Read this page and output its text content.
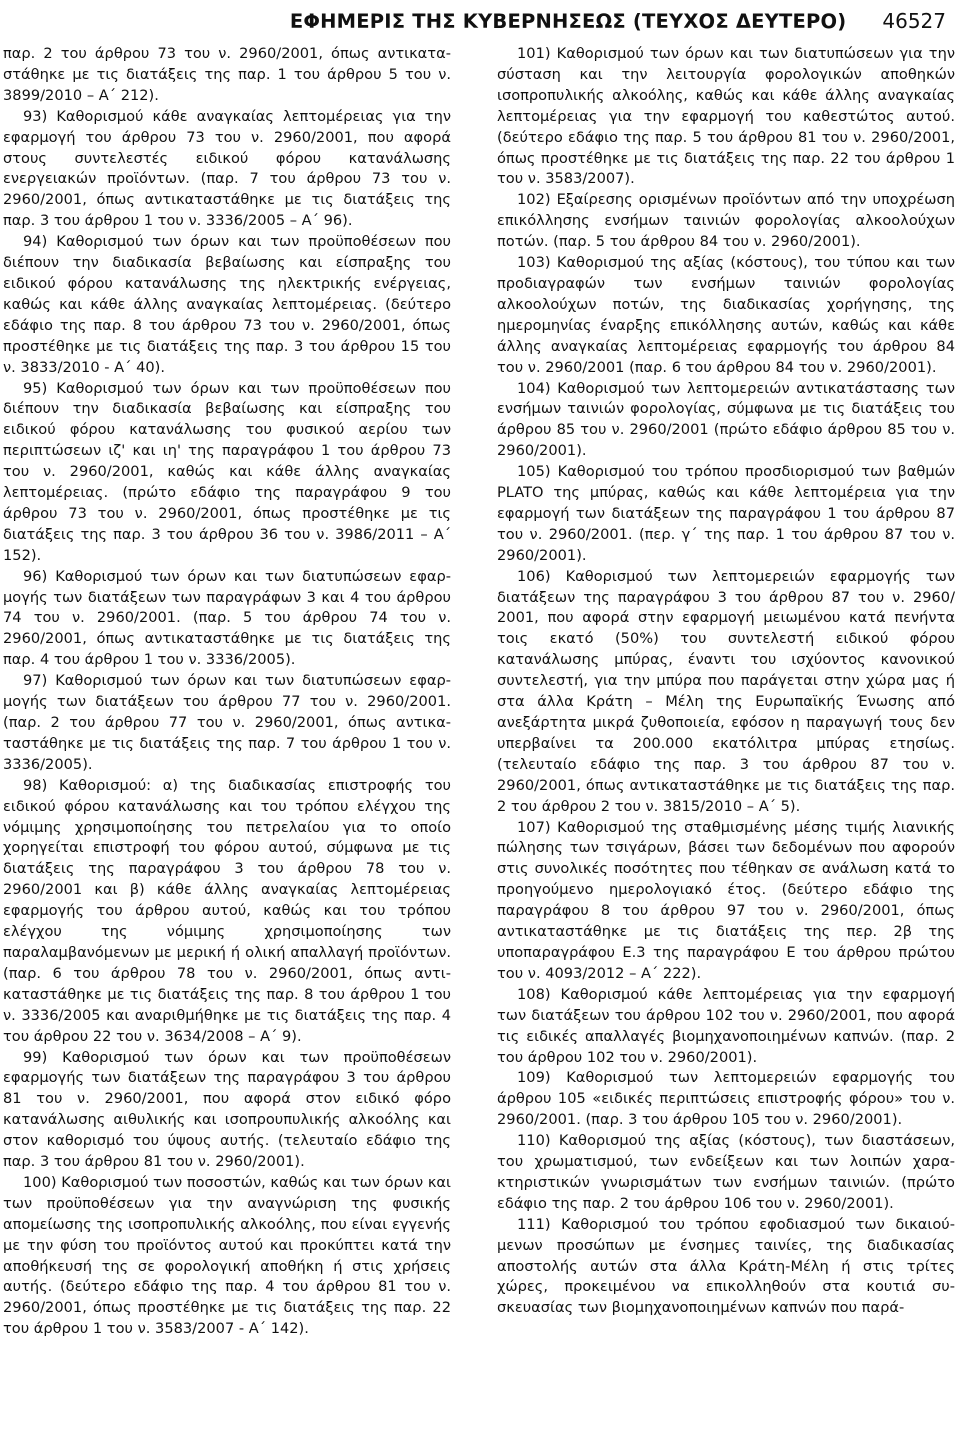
ΕΦΗΜΕΡΙΣ ΤΗΣ ΚΥΒΕΡΝΗΣΕΩΣ (ΤΕΥΧΟΣ ΔΕΥΤΕΡΟ) 46527

παρ. 2 του άρθρου 73 του ν. 2960/2001, όπως αντικαταστάθηκε με τις διατάξεις της παρ. 1 του άρθρου 5 του ν. 3899/2010 – Α΄ 212).

93) Καθορισμού κάθε αναγκαίας λεπτομέρειας για την εφαρμογή του άρθρου 73 του ν. 2960/2001, που αφορά στους συντελεστές ειδικού φόρου κατανάλωσης ενεργειακών προϊόντων. (παρ. 7 του άρθρου 73 του ν. 2960/2001, όπως αντικαταστάθηκε με τις διατάξεις της παρ. 3 του άρθρου 1 του ν. 3336/2005 – Α΄ 96).

94) Καθορισμού των όρων και των προϋποθέσεων που διέπουν την διαδικασία βεβαίωσης και είσπραξης του ειδικού φόρου κατανάλωσης της ηλεκτρικής ενέργειας, καθώς και κάθε άλλης αναγκαίας λεπτομέρειας. (δεύτερο εδάφιο της παρ. 8 του άρθρου 73 του ν. 2960/2001, όπως προστέθηκε με τις διατάξεις της παρ. 3 του άρθρου 15 του ν. 3833/2010 - Α΄ 40).

95) Καθορισμού των όρων και των προϋποθέσεων που διέπουν την διαδικασία βεβαίωσης και είσπραξης του ειδικού φόρου κατανάλωσης του φυσικού αερίου των περιπτώσεων ιζ' και ιη' της παραγράφου 1 του άρθρου 73 του ν. 2960/2001, καθώς και κάθε άλλης αναγκαίας λεπτομέρειας. (πρώτο εδάφιο της παραγράφου 9 του άρθρου 73 του ν. 2960/2001, όπως προστέθηκε με τις διατάξεις της παρ. 3 του άρθρου 36 του ν. 3986/2011 – Α΄ 152).

96) Καθορισμού των όρων και των διατυπώσεων εφαρμογής των διατάξεων των παραγράφων 3 και 4 του άρθρου 74 του ν. 2960/2001. (παρ. 5 του άρθρου 74 του ν. 2960/2001, όπως αντικαταστάθηκε με τις διατάξεις της παρ. 4 του άρθρου 1 του ν. 3336/2005).

97) Καθορισμού των όρων και των διατυπώσεων εφαρμογής των διατάξεων του άρθρου 77 του ν. 2960/2001. (παρ. 2 του άρθρου 77 του ν. 2960/2001, όπως αντικαταστάθηκε με τις διατάξεις της παρ. 7 του άρθρου 1 του ν. 3336/2005).

98) Καθορισμού: α) της διαδικασίας επιστροφής του ειδικού φόρου κατανάλωσης και του τρόπου ελέγχου της νόμιμης χρησιμοποίησης του πετρελαίου για το οποίο χορηγείται επιστροφή του φόρου αυτού, σύμφωνα με τις διατάξεις της παραγράφου 3 του άρθρου 78 του ν. 2960/2001 και β) κάθε άλλης αναγκαίας λεπτομέρειας εφαρμογής του άρθρου αυτού, καθώς και του τρόπου ελέγχου της νόμιμης χρησιμοποίησης των παραλαμβανόμενων με μερική ή ολική απαλλαγή προϊόντων. (παρ. 6 του άρθρου 78 του ν. 2960/2001, όπως αντικαταστάθηκε με τις διατάξεις της παρ. 8 του άρθρου 1 του ν. 3336/2005 και αναριθμήθηκε με τις διατάξεις της παρ. 4 του άρθρου 22 του ν. 3634/2008 – Α΄ 9).

99) Καθορισμού των όρων και των προϋποθέσεων εφαρμογής των διατάξεων της παραγράφου 3 του άρθρου 81 του ν. 2960/2001, που αφορά στον ειδικό φόρο κατανάλωσης αιθυλικής και ισοπρουπυλικής αλκοόλης και στον καθορισμό του ύψους αυτής. (τελευταίο εδάφιο της παρ. 3 του άρθρου 81 του ν. 2960/2001).

100) Καθορισμού των ποσοστών, καθώς και των όρων και των προϋποθέσεων για την αναγνώριση της φυσικής απομείωσης της ισοπροπυλικής αλκοόλης, που είναι εγγενής με την φύση του προϊόντος αυτού και προκύπτει κατά την αποθήκευσή της σε φορολογική αποθήκη ή στις χρήσεις αυτής. (δεύτερο εδάφιο της παρ. 4 του άρθρου 81 του ν. 2960/2001, όπως προστέθηκε με τις διατάξεις της παρ. 22 του άρθρου 1 του ν. 3583/2007 - Α΄ 142).

101) Καθορισμού των όρων και των διατυπώσεων για την σύσταση και την λειτουργία φορολογικών αποθηκών ισοπροπυλικής αλκοόλης, καθώς και κάθε άλλης αναγκαίας λεπτομέρειας για την εφαρμογή του καθεστώτος αυτού. (δεύτερο εδάφιο της παρ. 5 του άρθρου 81 του ν. 2960/2001, όπως προστέθηκε με τις διατάξεις της παρ. 22 του άρθρου 1 του ν. 3583/2007).

102) Εξαίρεσης ορισμένων προϊόντων από την υποχρέωση επικόλλησης ενσήμων ταινιών φορολογίας αλκοολούχων ποτών. (παρ. 5 του άρθρου 84 του ν. 2960/2001).

103) Καθορισμού της αξίας (κόστους), του τύπου και των προδιαγραφών των ενσήμων ταινιών φορολογίας αλκοολούχων ποτών, της διαδικασίας χορήγησης, της ημερομηνίας έναρξης επικόλλησης αυτών, καθώς και κάθε άλλης αναγκαίας λεπτομέρειας εφαρμογής του άρθρου 84 του ν. 2960/2001 (παρ. 6 του άρθρου 84 του ν. 2960/2001).

104) Καθορισμού των λεπτομερειών αντικατάστασης των ενσήμων ταινιών φορολογίας, σύμφωνα με τις διατάξεις του άρθρου 85 του ν. 2960/2001 (πρώτο εδάφιο άρθρου 85 του ν. 2960/2001).

105) Καθορισμού του τρόπου προσδιορισμού των βαθμών PLATO της μπύρας, καθώς και κάθε λεπτομέρεια για την εφαρμογή των διατάξεων της παραγράφου 1 του άρθρου 87 του ν. 2960/2001. (περ. γ΄ της παρ. 1 του άρθρου 87 του ν. 2960/2001).

106) Καθορισμού των λεπτομερειών εφαρμογής των διατάξεων της παραγράφου 3 του άρθρου 87 του ν. 2960/ 2001, που αφορά στην εφαρμογή μειωμένου κατά πενήντα τοις εκατό (50%) του συντελεστή ειδικού φόρου κατανάλωσης μπύρας, έναντι του ισχύοντος κανονικού συντελεστή, για την μπύρα που παράγεται στην χώρα μας ή στα άλλα Κράτη – Μέλη της Ευρωπαϊκής Ένωσης από ανεξάρτητα μικρά ζυθοποιεία, εφόσον η παραγωγή τους δεν υπερβαίνει τα 200.000 εκατόλιτρα μπύρας ετησίως. (τελευταίο εδάφιο της παρ. 3 του άρθρου 87 του ν. 2960/2001, όπως αντικαταστάθηκε με τις διατάξεις της παρ. 2 του άρθρου 2 του ν. 3815/2010 – Α΄ 5).

107) Καθορισμού της σταθμισμένης μέσης τιμής λιανικής πώλησης των τσιγάρων, βάσει των δεδομένων που αφορούν στις συνολικές ποσότητες που τέθηκαν σε ανάλωση κατά το προηγούμενο ημερολογιακό έτος. (δεύτερο εδάφιο της παραγράφου 8 του άρθρου 97 του ν. 2960/2001, όπως αντικαταστάθηκε με τις διατάξεις της περ. 2β της υποπαραγράφου Ε.3 της παραγράφου Ε του άρθρου πρώτου του ν. 4093/2012 – Α΄ 222).

108) Καθορισμού κάθε λεπτομέρειας για την εφαρμογή των διατάξεων του άρθρου 102 του ν. 2960/2001, που αφορά τις ειδικές απαλλαγές βιομηχανοποιημένων καπνών. (παρ. 2 του άρθρου 102 του ν. 2960/2001).

109) Καθορισμού των λεπτομερειών εφαρμογής του άρθρου 105 «ειδικές περιπτώσεις επιστροφής φόρου» του ν. 2960/2001. (παρ. 3 του άρθρου 105 του ν. 2960/2001).

110) Καθορισμού της αξίας (κόστους), των διαστάσεων, του χρωματισμού, των ενδείξεων και των λοιπών χαρακτηριστικών γνωρισμάτων των ενσήμων ταινιών. (πρώτο εδάφιο της παρ. 2 του άρθρου 106 του ν. 2960/2001).

111) Καθορισμού του τρόπου εφοδιασμού των δικαιούμενων προσώπων με ένσημες ταινίες, της διαδικασίας αποστολής αυτών στα άλλα Κράτη-Μέλη ή στις τρίτες χώρες, προκειμένου να επικολληθούν στα κουτιά συσκευασίας των βιομηχανοποιημένων καπνών που παρά-
